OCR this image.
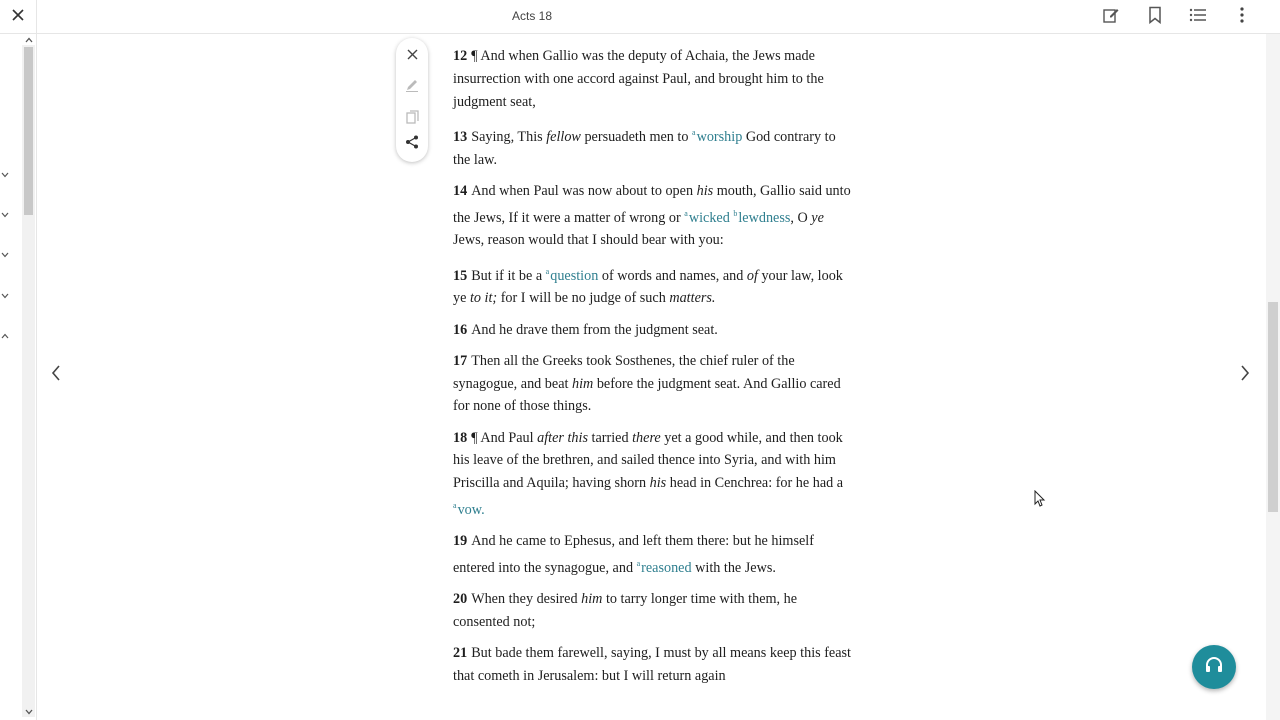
Acts 18

12 ¶ And when Gallio was the deputy of Achaia, the Jews made insurrection with one accord against Paul, and brought him to the judgment seat,

13 Saying, This fellow persuadeth men to $^a$worship God contrary to the law.

14 And when Paul was now about to open his mouth, Gallio said unto the Jews, If it were a matter of wrong or $^a$wicked $^b$lewdness, O ye Jews, reason would that I should bear with you:

15 But if it be a $^a$question of words and names, and of your law, look ye to it; for I will be no judge of such matters.

16 And he drave them from the judgment seat.

17 Then all the Greeks took Sosthenes, the chief ruler of the synagogue, and beat him before the judgment seat. And Gallio cared for none of those things.

18 ¶ And Paul after this tarried there yet a good while, and then took his leave of the brethren, and sailed thence into Syria, and with him Priscilla and Aquila; having shorn his head in Cenchrea: for he had a $^a$vow.

19 And he came to Ephesus, and left them there: but he himself entered into the synagogue, and $^a$reasoned with the Jews.

20 When they desired him to tarry longer time with them, he consented not;

21 But bade them farewell, saying, I must by all means keep this feast that cometh in Jerusalem: but I will return again
